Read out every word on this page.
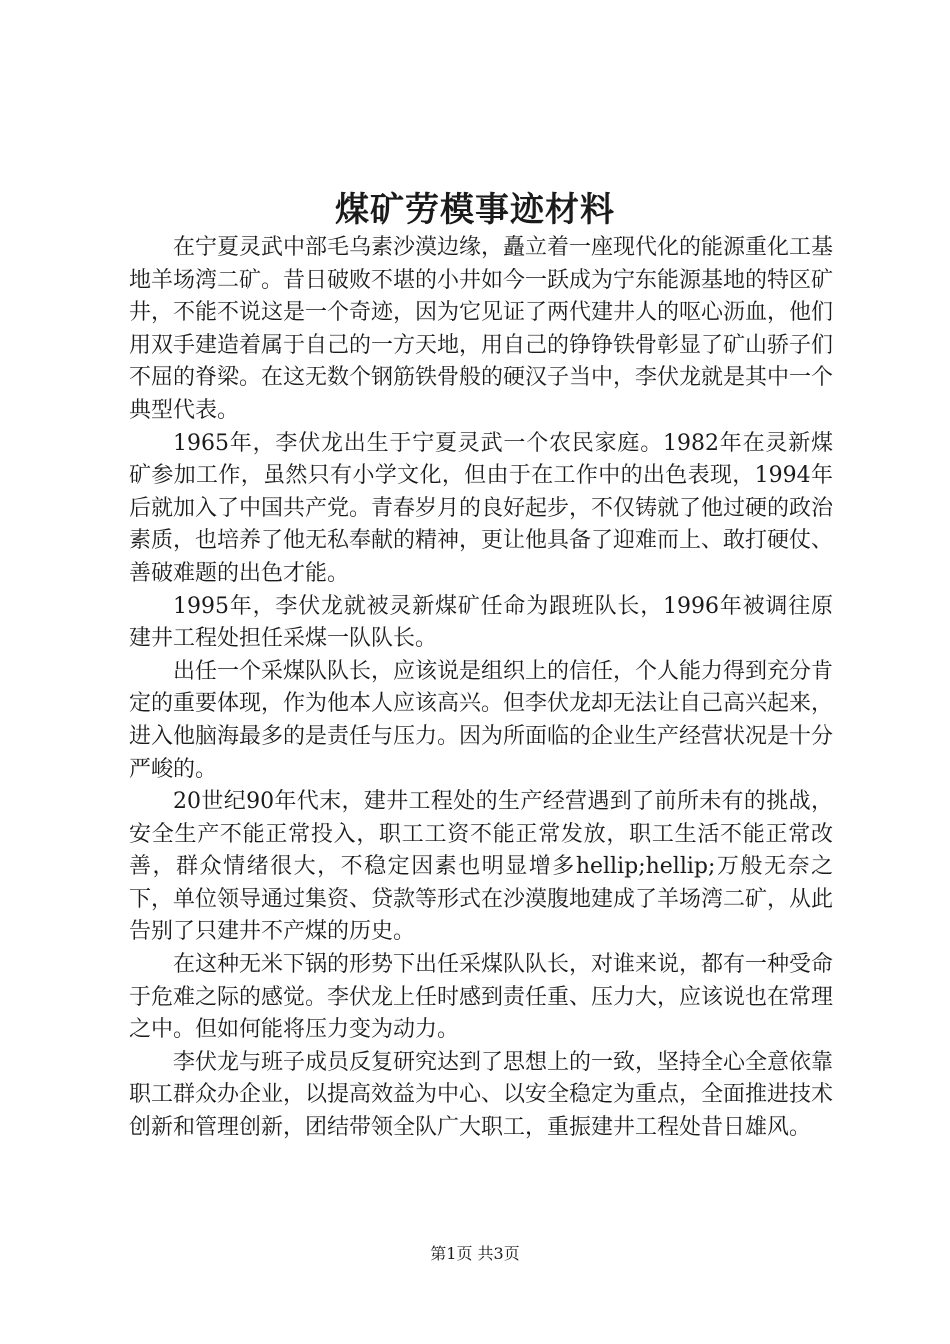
煤矿劳模事迹材料

在宁夏灵武中部毛乌素沙漠边缘，矗立着一座现代化的能源重化工基地羊场湾二矿。昔日破败不堪的小井如今一跃成为宁东能源基地的特区矿井，不能不说这是一个奇迹，因为它见证了两代建井人的呕心沥血，他们用双手建造着属于自己的一方天地，用自己的铮铮铁骨彰显了矿山骄子们不屈的脊梁。在这无数个钢筋铁骨般的硬汉子当中，李伏龙就是其中一个典型代表。

1965年，李伏龙出生于宁夏灵武一个农民家庭。1982年在灵新煤矿参加工作，虽然只有小学文化，但由于在工作中的出色表现，1994年后就加入了中国共产党。青春岁月的良好起步，不仅铸就了他过硬的政治素质，也培养了他无私奉献的精神，更让他具备了迎难而上、敢打硬仗、善破难题的出色才能。

1995年，李伏龙就被灵新煤矿任命为跟班队长，1996年被调往原建井工程处担任采煤一队队长。

出任一个采煤队队长，应该说是组织上的信任，个人能力得到充分肯定的重要体现，作为他本人应该高兴。但李伏龙却无法让自己高兴起来，进入他脑海最多的是责任与压力。因为所面临的企业生产经营状况是十分严峻的。

20世纪90年代末，建井工程处的生产经营遇到了前所未有的挑战，安全生产不能正常投入，职工工资不能正常发放，职工生活不能正常改善，群众情绪很大，不稳定因素也明显增多hellip;hellip;万般无奈之下，单位领导通过集资、贷款等形式在沙漠腹地建成了羊场湾二矿，从此告别了只建井不产煤的历史。

在这种无米下锅的形势下出任采煤队队长，对谁来说，都有一种受命于危难之际的感觉。李伏龙上任时感到责任重、压力大，应该说也在常理之中。但如何能将压力变为动力。

李伏龙与班子成员反复研究达到了思想上的一致，坚持全心全意依靠职工群众办企业，以提高效益为中心、以安全稳定为重点，全面推进技术创新和管理创新，团结带领全队广大职工，重振建井工程处昔日雄风。

第1页 共3页
